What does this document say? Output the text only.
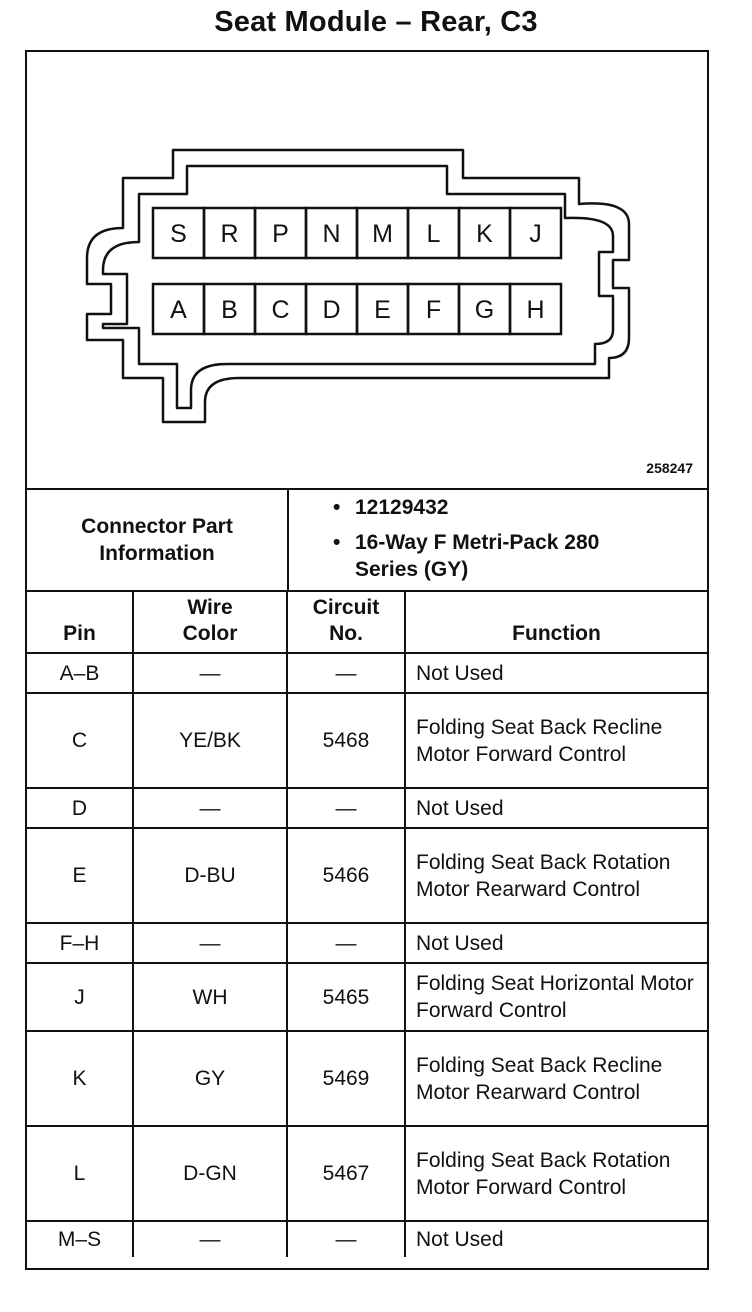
Seat Module – Rear, C3
S R P N M L K J
A B C D E F G H
258247
Connector Part Information
• 12129432
• 16-Way F Metri-Pack 280 Series (GY)
Pin	Wire Color	Circuit No.	Function
A–B	—	—	Not Used
C	YE/BK	5468	Folding Seat Back Recline Motor Forward Control
D	—	—	Not Used
E	D-BU	5466	Folding Seat Back Rotation Motor Rearward Control
F–H	—	—	Not Used
J	WH	5465	Folding Seat Horizontal Motor Forward Control
K	GY	5469	Folding Seat Back Recline Motor Rearward Control
L	D-GN	5467	Folding Seat Back Rotation Motor Forward Control
M–S	—	—	Not Used
